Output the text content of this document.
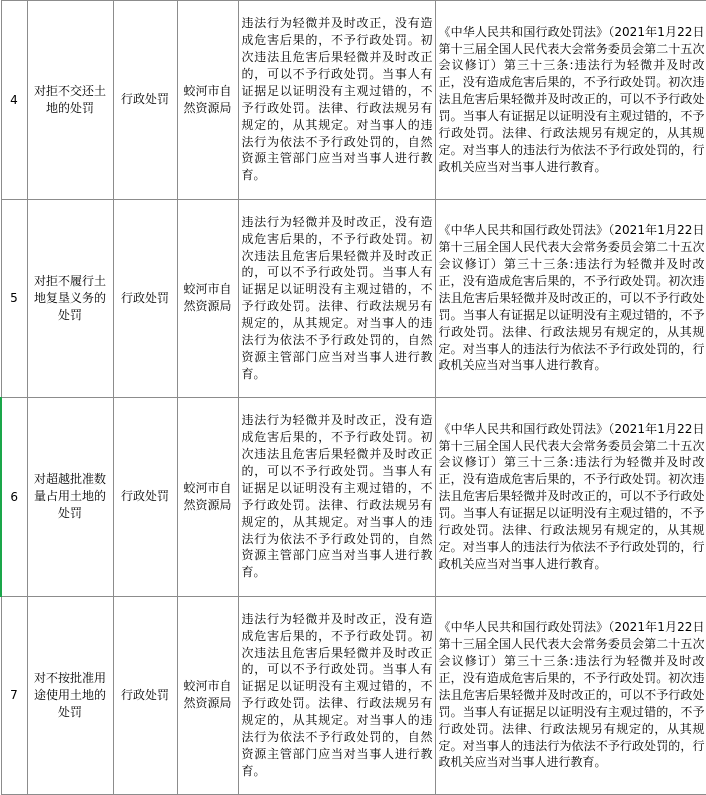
4	对拒不交还土地的处罚	行政处罚	蛟河市自然资源局	违法行为轻微并及时改正，没有造成危害后果的，不予行政处罚。初次违法且危害后果轻微并及时改正的，可以不予行政处罚。当事人有证据足以证明没有主观过错的，不予行政处罚。法律、行政法规另有规定的，从其规定。对当事人的违法行为依法不予行政处罚的，自然资源主管部门应当对当事人进行教育。	《中华人民共和国行政处罚法》（2021年1月22日第十三届全国人民代表大会常务委员会第二十五次会议修订）第三十三条:违法行为轻微并及时改正，没有造成危害后果的，不予行政处罚。初次违法且危害后果轻微并及时改正的，可以不予行政处罚。当事人有证据足以证明没有主观过错的，不予行政处罚。法律、行政法规另有规定的，从其规定。对当事人的违法行为依法不予行政处罚的，行政机关应当对当事人进行教育。
5	对拒不履行土地复垦义务的处罚	行政处罚	蛟河市自然资源局	违法行为轻微并及时改正，没有造成危害后果的，不予行政处罚。初次违法且危害后果轻微并及时改正的，可以不予行政处罚。当事人有证据足以证明没有主观过错的，不予行政处罚。法律、行政法规另有规定的，从其规定。对当事人的违法行为依法不予行政处罚的，自然资源主管部门应当对当事人进行教育。	《中华人民共和国行政处罚法》（2021年1月22日第十三届全国人民代表大会常务委员会第二十五次会议修订）第三十三条:违法行为轻微并及时改正，没有造成危害后果的，不予行政处罚。初次违法且危害后果轻微并及时改正的，可以不予行政处罚。当事人有证据足以证明没有主观过错的，不予行政处罚。法律、行政法规另有规定的，从其规定。对当事人的违法行为依法不予行政处罚的，行政机关应当对当事人进行教育。
6	对超越批准数量占用土地的处罚	行政处罚	蛟河市自然资源局	违法行为轻微并及时改正，没有造成危害后果的，不予行政处罚。初次违法且危害后果轻微并及时改正的，可以不予行政处罚。当事人有证据足以证明没有主观过错的，不予行政处罚。法律、行政法规另有规定的，从其规定。对当事人的违法行为依法不予行政处罚的，自然资源主管部门应当对当事人进行教育。	《中华人民共和国行政处罚法》（2021年1月22日第十三届全国人民代表大会常务委员会第二十五次会议修订）第三十三条:违法行为轻微并及时改正，没有造成危害后果的，不予行政处罚。初次违法且危害后果轻微并及时改正的，可以不予行政处罚。当事人有证据足以证明没有主观过错的，不予行政处罚。法律、行政法规另有规定的，从其规定。对当事人的违法行为依法不予行政处罚的，行政机关应当对当事人进行教育。
7	对不按批准用途使用土地的处罚	行政处罚	蛟河市自然资源局	违法行为轻微并及时改正，没有造成危害后果的，不予行政处罚。初次违法且危害后果轻微并及时改正的，可以不予行政处罚。当事人有证据足以证明没有主观过错的，不予行政处罚。法律、行政法规另有规定的，从其规定。对当事人的违法行为依法不予行政处罚的，自然资源主管部门应当对当事人进行教育。	《中华人民共和国行政处罚法》（2021年1月22日第十三届全国人民代表大会常务委员会第二十五次会议修订）第三十三条:违法行为轻微并及时改正，没有造成危害后果的，不予行政处罚。初次违法且危害后果轻微并及时改正的，可以不予行政处罚。当事人有证据足以证明没有主观过错的，不予行政处罚。法律、行政法规另有规定的，从其规定。对当事人的违法行为依法不予行政处罚的，行政机关应当对当事人进行教育。
